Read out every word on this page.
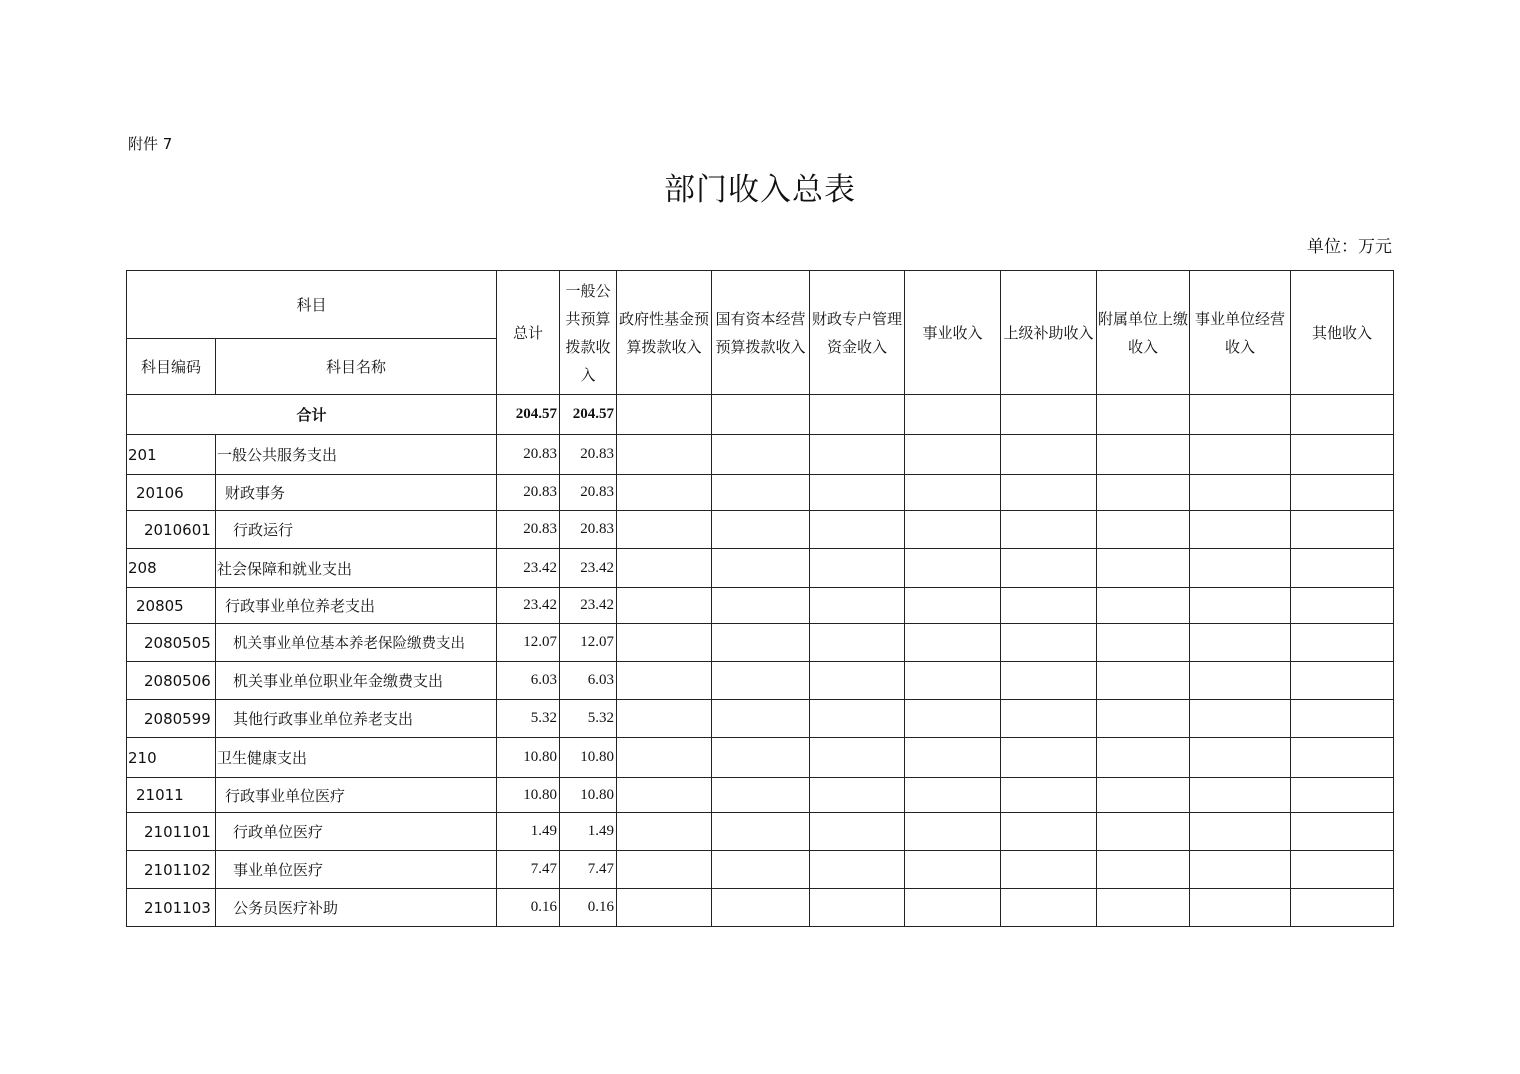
附件 7
部门收入总表
单位：万元
科目		总计	一般公共预算拨款收入	政府性基金预算拨款收入	国有资本经营预算拨款收入	财政专户管理资金收入	事业收入	上级补助收入	附属单位上缴收入	事业单位经营收入	其他收入
科目编码	科目名称										
合计		204.57	204.57								
201	一般公共服务支出	20.83	20.83								
20106	财政事务	20.83	20.83								
2010601	行政运行	20.83	20.83								
208	社会保障和就业支出	23.42	23.42								
20805	行政事业单位养老支出	23.42	23.42								
2080505	机关事业单位基本养老保险缴费支出	12.07	12.07								
2080506	机关事业单位职业年金缴费支出	6.03	6.03								
2080599	其他行政事业单位养老支出	5.32	5.32								
210	卫生健康支出	10.80	10.80								
21011	行政事业单位医疗	10.80	10.80								
2101101	行政单位医疗	1.49	1.49								
2101102	事业单位医疗	7.47	7.47								
2101103	公务员医疗补助	0.16	0.16								
